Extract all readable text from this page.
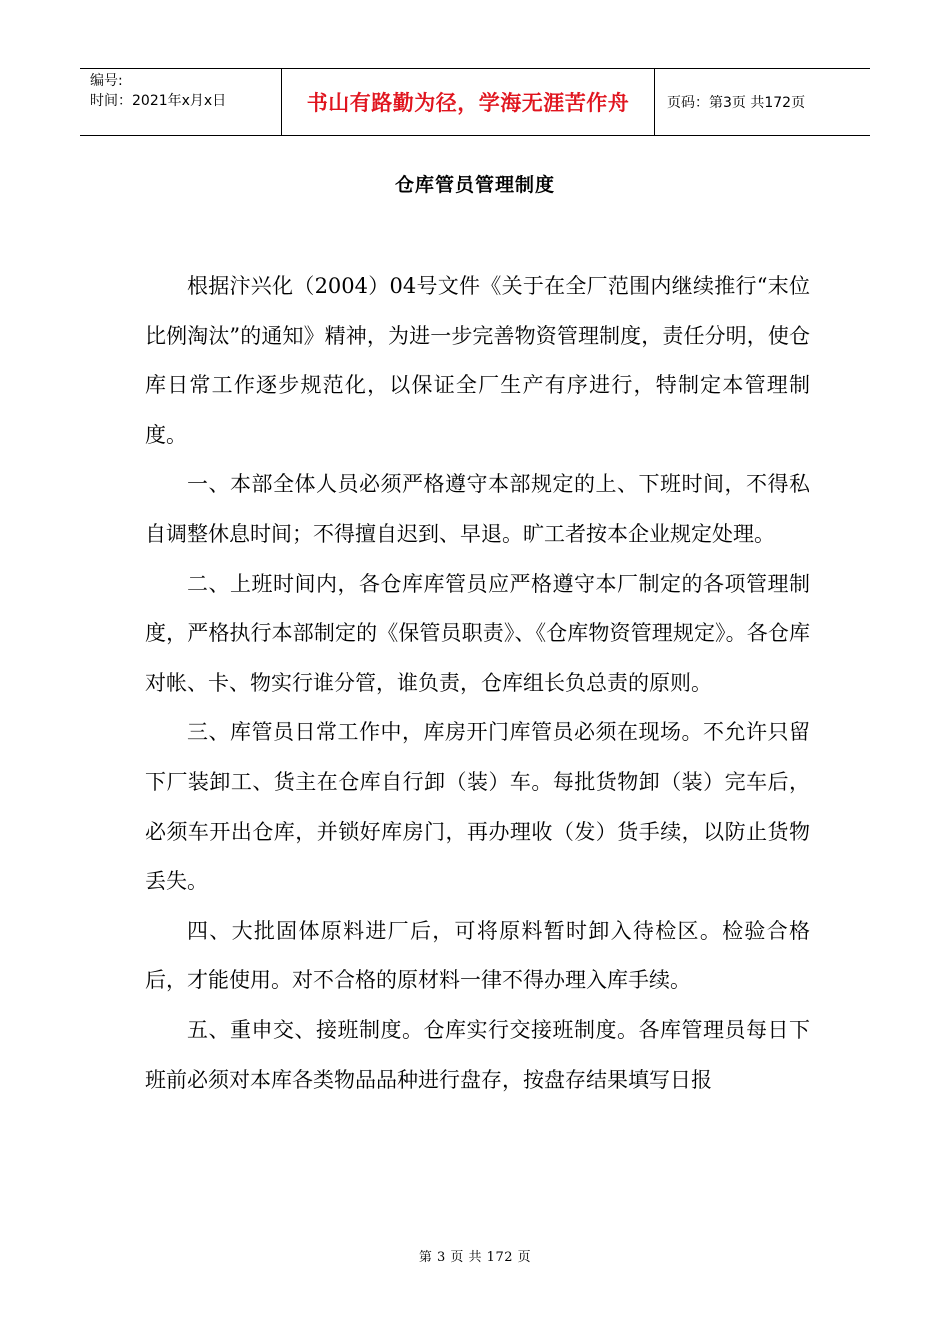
编号:
时间：2021年x月x日	书山有路勤为径，学海无涯苦作舟	页码：第3页 共172页
仓库管员管理制度

根据汴兴化（2004）04号文件《关于在全厂范围内继续推行“末位比例淘汰”的通知》精神，为进一步完善物资管理制度，责任分明，使仓库日常工作逐步规范化，以保证全厂生产有序进行，特制定本管理制度。

一、本部全体人员必须严格遵守本部规定的上、下班时间，不得私自调整休息时间；不得擅自迟到、早退。旷工者按本企业规定处理。

二、上班时间内，各仓库库管员应严格遵守本厂制定的各项管理制度，严格执行本部制定的《保管员职责》、《仓库物资管理规定》。各仓库对帐、卡、物实行谁分管，谁负责，仓库组长负总责的原则。

三、库管员日常工作中，库房开门库管员必须在现场。不允许只留下厂装卸工、货主在仓库自行卸（装）车。每批货物卸（装）完车后，必须车开出仓库，并锁好库房门，再办理收（发）货手续，以防止货物丢失。

四、大批固体原料进厂后，可将原料暂时卸入待检区。检验合格后，才能使用。对不合格的原材料一律不得办理入库手续。

五、重申交、接班制度。仓库实行交接班制度。各库管理员每日下班前必须对本库各类物品品种进行盘存，按盘存结果填写日报

第 3 页 共 172 页
